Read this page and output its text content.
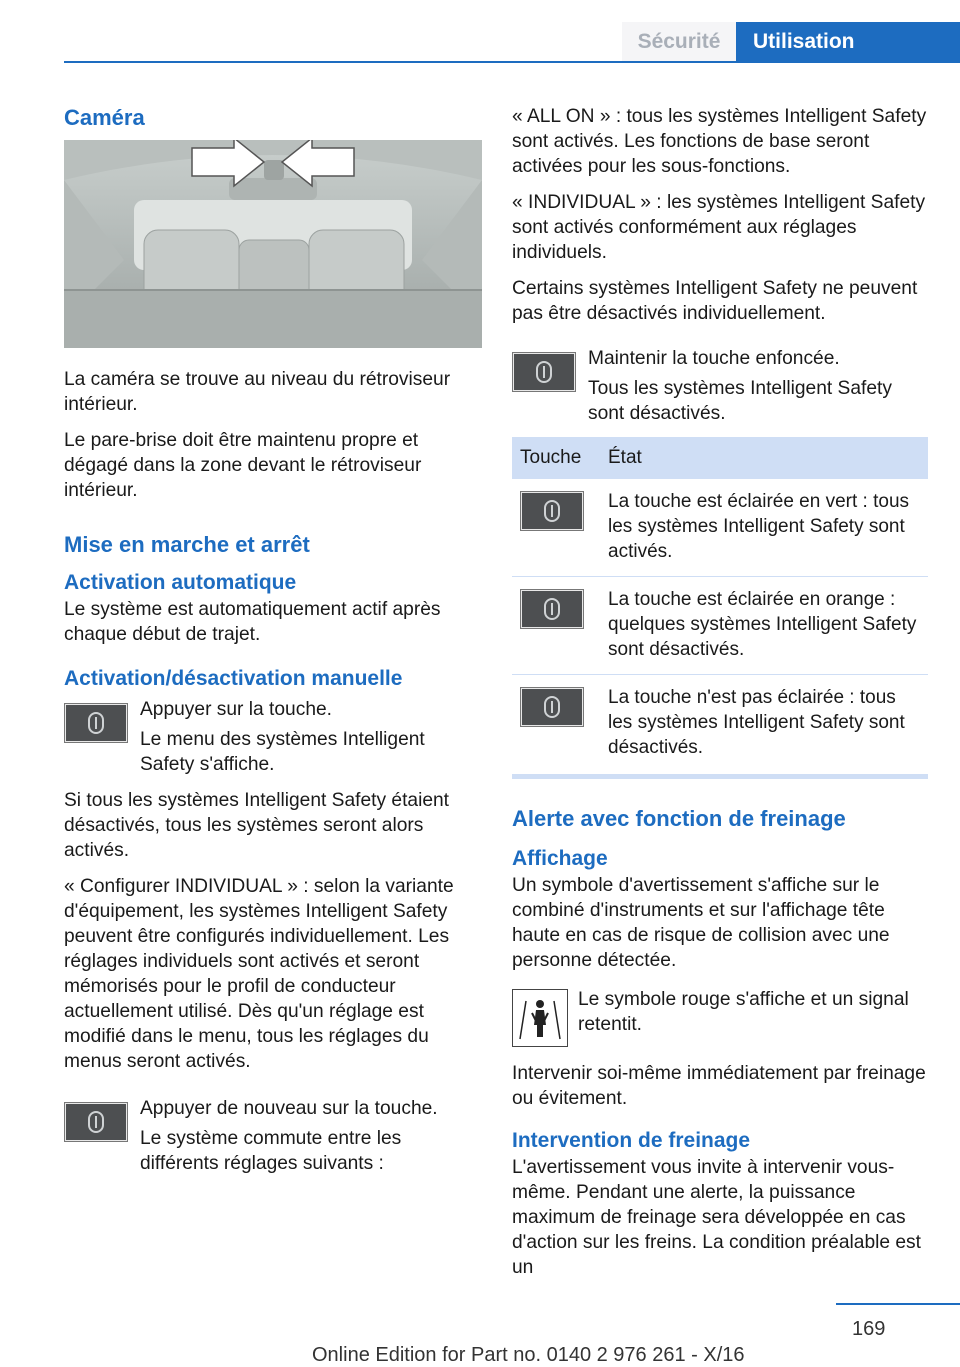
Sécurité	Utilisation
Caméra

La caméra se trouve au niveau du rétroviseur intérieur.

Le pare-brise doit être maintenu propre et dégagé dans la zone devant le rétroviseur intérieur.

Mise en marche et arrêt
Activation automatique

Le système est automatiquement actif après chaque début de trajet.

Activation/désactivation manuelle

Appuyer sur la touche.

Le menu des systèmes Intelligent Safety s'affiche.

Si tous les systèmes Intelligent Safety étaient désactivés, tous les systèmes seront alors activés.

« Configurer INDIVIDUAL » : selon la variante d'équipement, les systèmes Intelligent Safety peuvent être configurés individuellement. Les réglages individuels sont activés et seront mémorisés pour le profil de conducteur actuellement utilisé. Dès qu'un réglage est modifié dans le menu, tous les réglages du menus seront activés.

Appuyer de nouveau sur la touche.

Le système commute entre les différents réglages suivants :

« ALL ON » : tous les systèmes Intelligent Safety sont activés. Les fonctions de base seront activées pour les sous-fonctions.

« INDIVIDUAL » : les systèmes Intelligent Safety sont activés conformément aux réglages individuels.

Certains systèmes Intelligent Safety ne peuvent pas être désactivés individuellement.

Maintenir la touche enfoncée.

Tous les systèmes Intelligent Safety sont désactivés.

Touche	État
	La touche est éclairée en vert : tous les systèmes Intelligent Safety sont activés.
	La touche est éclairée en orange : quelques systèmes Intelligent Safety sont désactivés.
	La touche n'est pas éclairée : tous les systèmes Intelligent Safety sont désactivés.
Alerte avec fonction de freinage
Affichage

Un symbole d'avertissement s'affiche sur le combiné d'instruments et sur l'affichage tête haute en cas de risque de collision avec une personne détectée.

Le symbole rouge s'affiche et un signal retentit.

Intervenir soi-même immédiatement par freinage ou évitement.

Intervention de freinage

L'avertissement vous invite à intervenir vous-même. Pendant une alerte, la puissance maximum de freinage sera développée en cas d'action sur les freins. La condition préalable est un

169
Online Edition for Part no. 0140 2 976 261 - X/16
